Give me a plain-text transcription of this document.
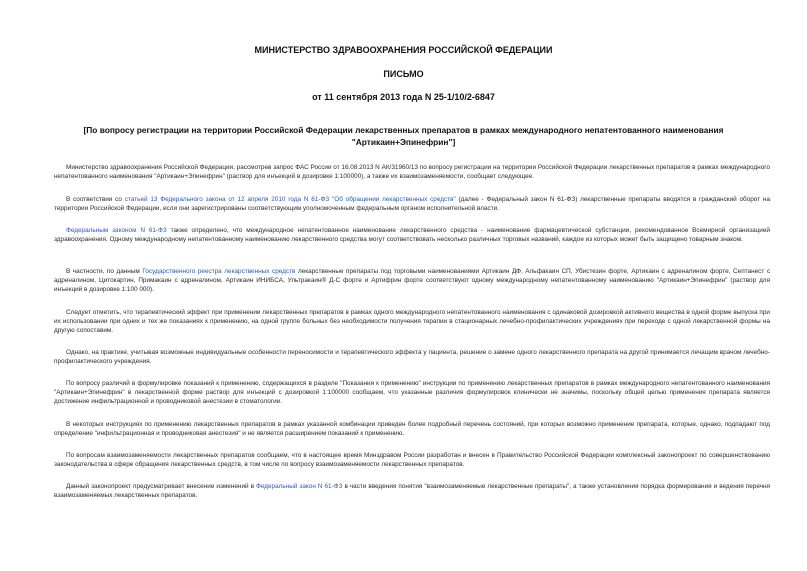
МИНИСТЕРСТВО ЗДРАВООХРАНЕНИЯ РОССИЙСКОЙ ФЕДЕРАЦИИ
ПИСЬМО
от 11 сентября 2013 года N 25-1/10/2-6847
[По вопросу регистрации на территории Российской Федерации лекарственных препаратов в рамках международного непатентованного наименования "Артикаин+Эпинефрин"]
Министерство здравоохранения Российской Федерации, рассмотрев запрос ФАС России от 16.08.2013 N АК/31960/13 по вопросу регистрации на территории Российской Федерации лекарственных препаратов в рамках международного непатентованного наименования "Артикаин+Эпинефрин" (раствор для инъекций в дозировке 1:100000), а также их взаимозаменяемости, сообщает следующее.
В соответствии со статьей 13 Федерального закона от 12 апреля 2010 года N 61-ФЗ "Об обращении лекарственных средств" (далее - Федеральный закон N 61-ФЗ) лекарственные препараты вводятся в гражданский оборот на территории Российской Федерации, если они зарегистрированы соответствующим уполномоченным федеральным органом исполнительной власти.
Федеральным законом N 61-ФЗ также определено, что международное непатентованное наименование лекарственного средства - наименование фармацевтической субстанции, рекомендованное Всемирной организацией здравоохранения. Одному международному непатентованному наименованию лекарственного средства могут соответствовать несколько различных торговых названий, каждое из которых может быть защищено товарным знаком.
В частности, по данным Государственного реестра лекарственных средств лекарственные препараты под торговыми наименованиями Артикаин ДФ, Альфакаин СП, Убистезин форте, Артикаин с адреналином форте, Септанест с адреналином, Цитокартин, Примакаин с адреналином, Артикаин ИНИБСА, Ультракаин® Д-С форте и Артифрин форте соответствуют одному международному непатентованному наименованию "Артикаин+Эпинефрин" (раствор для инъекций в дозировке 1:100 000).
Следует отметить, что терапевтический эффект при применении лекарственных препаратов в рамках одного международного непатентованного наименования с одинаковой дозировкой активного вещества в одной форме выпуска при их использовании при одних и тех же показаниях к применению, на одной группе больных без необходимости получения терапии в стационарных лечебно-профилактических учреждениях при переходе с одной лекарственной формы на другую сопоставим.
Однако, на практике, учитывая возможные индивидуальные особенности переносимости и терапевтического эффекта у пациента, решение о замене одного лекарственного препарата на другой принимается лечащим врачом лечебно-профилактического учреждения.
По вопросу различий в формулировке показаний к применению, содержащихся в разделе "Показания к применению" инструкции по применению лекарственных препаратов в рамках международного непатентованного наименования "Артикаин+Эпинефрин" в лекарственной форме раствор для инъекций с дозировкой 1:100000 сообщаем, что указанные различия формулировок клинически не значимы, поскольку общей целью применения препарата является достижение инфильтрационной и проводниковой анестезии в стоматологии.
В некоторых инструкциях по применению лекарственных препаратов в рамках указанной комбинации приведен более подробный перечень состояний, при которых возможно применение препарата, которые, однако, подпадают под определение "инфильтрационная и проводниковая анестезия" и не является расширением показаний к применению.
По вопросам взаимозаменяемости лекарственных препаратов сообщаем, что в настоящее время Минздравом России разработан и внесен в Правительство Российской Федерации комплексный законопроект по совершенствованию законодательства в сфере обращения лекарственных средств, в том числе по вопросу взаимозаменяемости лекарственных препаратов.
Данный законопроект предусматривает внесение изменений в Федеральный закон N 61-ФЗ в части введения понятия "взаимозаменяемые лекарственные препараты", а также установления порядка формирования и ведения перечня взаимозаменяемых лекарственных препаратов.
